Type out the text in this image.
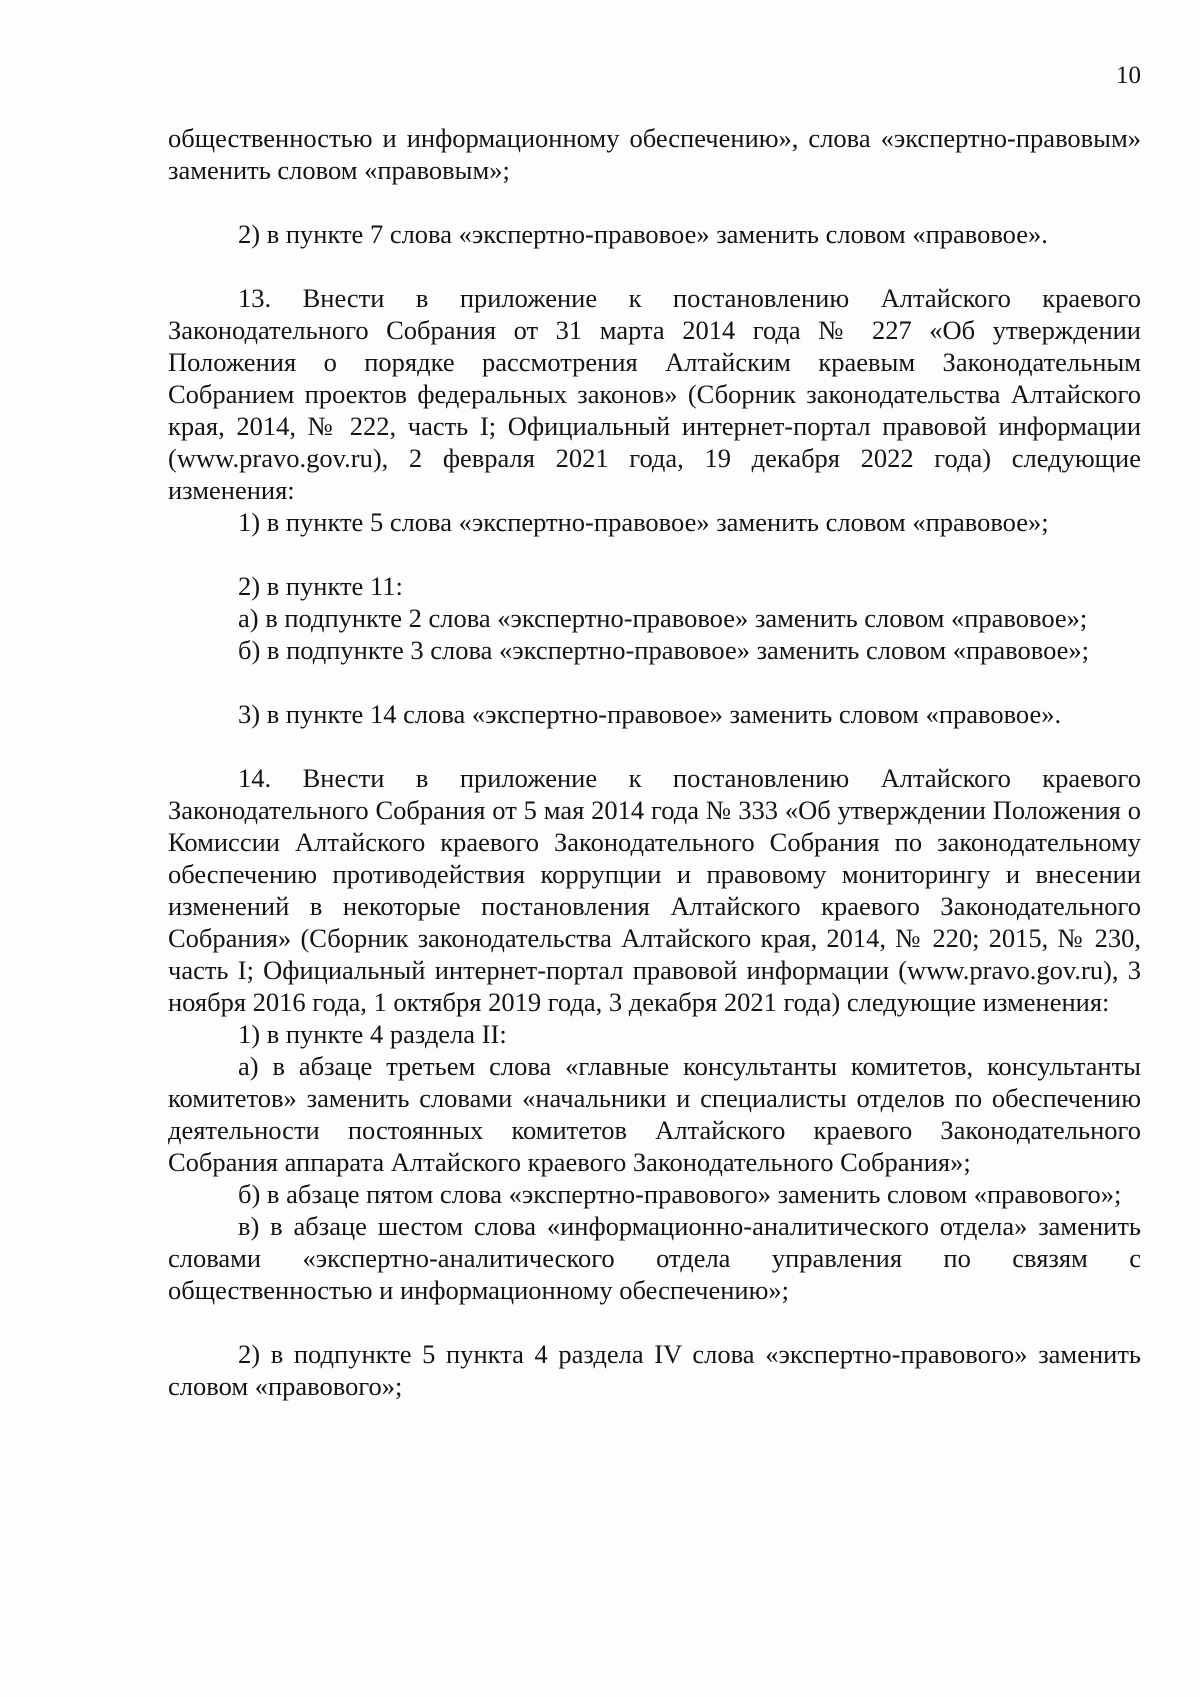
10

общественностью и информационному обеспечению», слова «экспертно-правовым» заменить словом «правовым»;

2) в пункте 7 слова «экспертно-правовое» заменить словом «правовое».

13. Внести в приложение к постановлению Алтайского краевого Законодательного Собрания от 31 марта 2014 года № 227 «Об утверждении Положения о порядке рассмотрения Алтайским краевым Законодательным Собранием проектов федеральных законов» (Сборник законодательства Алтайского края, 2014, № 222, часть I; Официальный интернет-портал правовой информации (www.pravo.gov.ru), 2 февраля 2021 года, 19 декабря 2022 года) следующие изменения:

1) в пункте 5 слова «экспертно-правовое» заменить словом «правовое»;

2) в пункте 11:

а) в подпункте 2 слова «экспертно-правовое» заменить словом «правовое»;

б) в подпункте 3 слова «экспертно-правовое» заменить словом «правовое»;

3) в пункте 14 слова «экспертно-правовое» заменить словом «правовое».

14. Внести в приложение к постановлению Алтайского краевого Законодательного Собрания от 5 мая 2014 года № 333 «Об утверждении Положения о Комиссии Алтайского краевого Законодательного Собрания по законодательному обеспечению противодействия коррупции и правовому мониторингу и внесении изменений в некоторые постановления Алтайского краевого Законодательного Собрания» (Сборник законодательства Алтайского края, 2014, № 220; 2015, № 230, часть I; Официальный интернет-портал правовой информации (www.pravo.gov.ru), 3 ноября 2016 года, 1 октября 2019 года, 3 декабря 2021 года) следующие изменения:

1) в пункте 4 раздела II:

а) в абзаце третьем слова «главные консультанты комитетов, консультанты комитетов» заменить словами «начальники и специалисты отделов по обеспечению деятельности постоянных комитетов Алтайского краевого Законодательного Собрания аппарата Алтайского краевого Законодательного Собрания»;

б) в абзаце пятом слова «экспертно-правового» заменить словом «правового»;

в) в абзаце шестом слова «информационно-аналитического отдела» заменить словами «экспертно-аналитического отдела управления по связям с общественностью и информационному обеспечению»;

2) в подпункте 5 пункта 4 раздела IV слова «экспертно-правового» заменить словом «правового»;
